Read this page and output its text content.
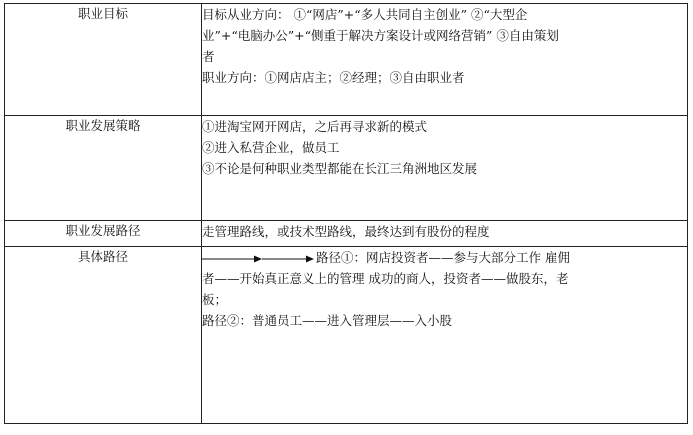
职业目标	目标从业方向： ①“网店”+“多人共同自主创业” ②“大型企
业”+“电脑办公”+“侧重于解决方案设计或网络营销” ③自由策划
者
职业方向：①网店店主；②经理；③自由职业者

职业发展策略	①进淘宝网开网店，之后再寻求新的模式
②进入私营企业，做员工
③不论是何种职业类型都能在长江三角洲地区发展

职业发展路径	走管理路线，或技术型路线，最终达到有股份的程度
具体路径	路径①：网店投资者——参与大部分工作 雇佣
者——开始真正意义上的管理 成功的商人，投资者——做股东，老
板；
路径②：普通员工——进入管理层——入小股
